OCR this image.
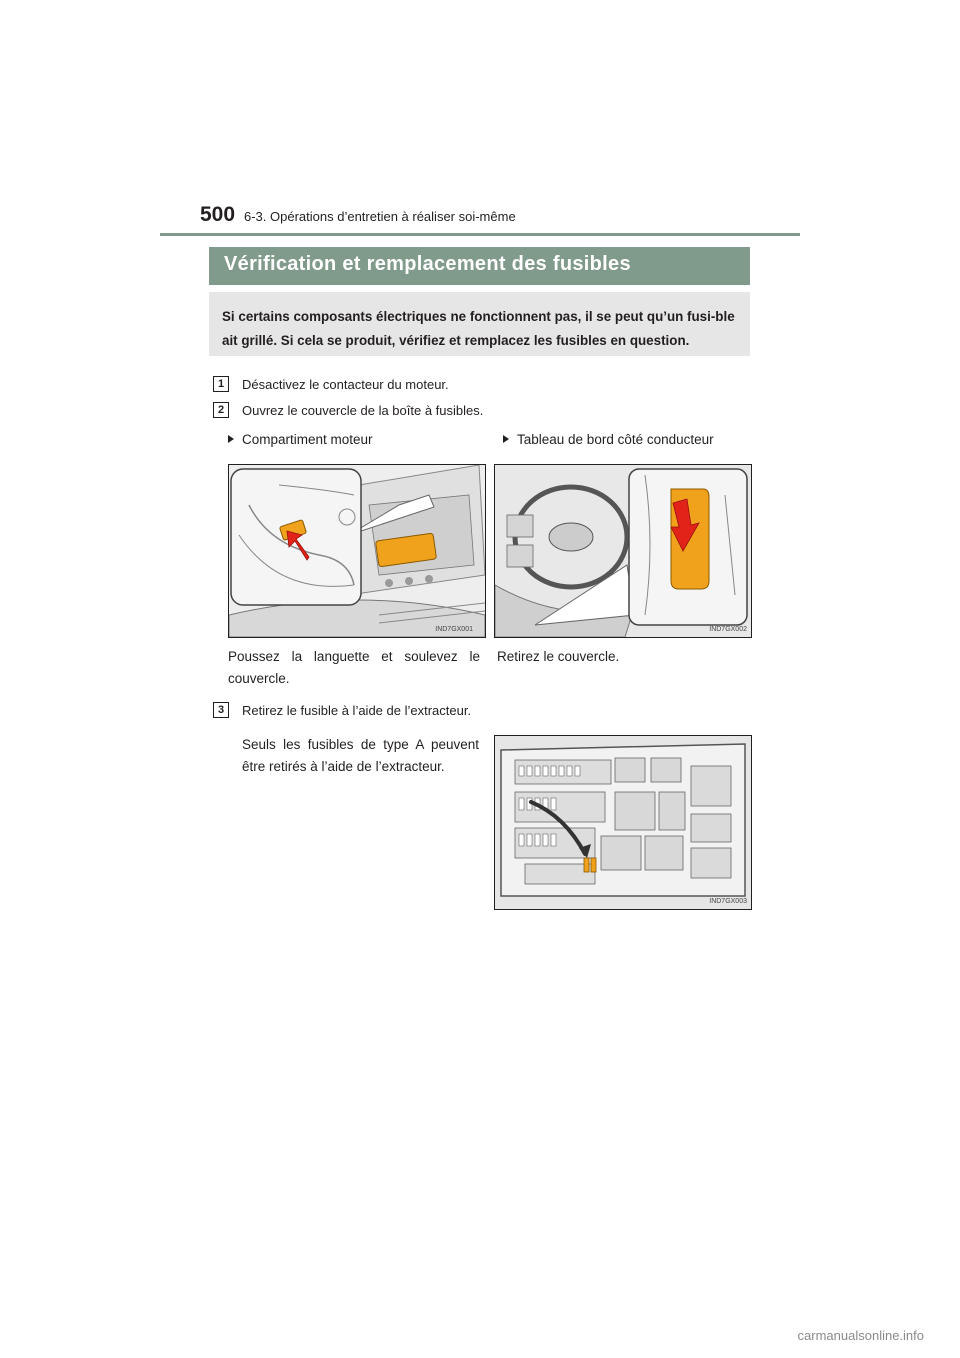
500 6-3. Opérations d’entretien à réaliser soi-même
Vérification et remplacement des fusibles
Si certains composants électriques ne fonctionnent pas, il se peut qu’un fusi-ble ait grillé. Si cela se produit, vérifiez et remplacez les fusibles en question.
1	Désactivez le contacteur du moteur.
2	Ouvrez le couvercle de la boîte à fusibles.
Compartiment moteur	Tableau de bord côté conducteur
IND7GX001	IND7GX002
Poussez la languette et soulevez le couvercle.
Retirez le couvercle.
3	Retirez le fusible à l’aide de l’extracteur.
Seuls les fusibles de type A peuvent être retirés à l’aide de l’extracteur.
IND7GX003
carmanualsonline.info
